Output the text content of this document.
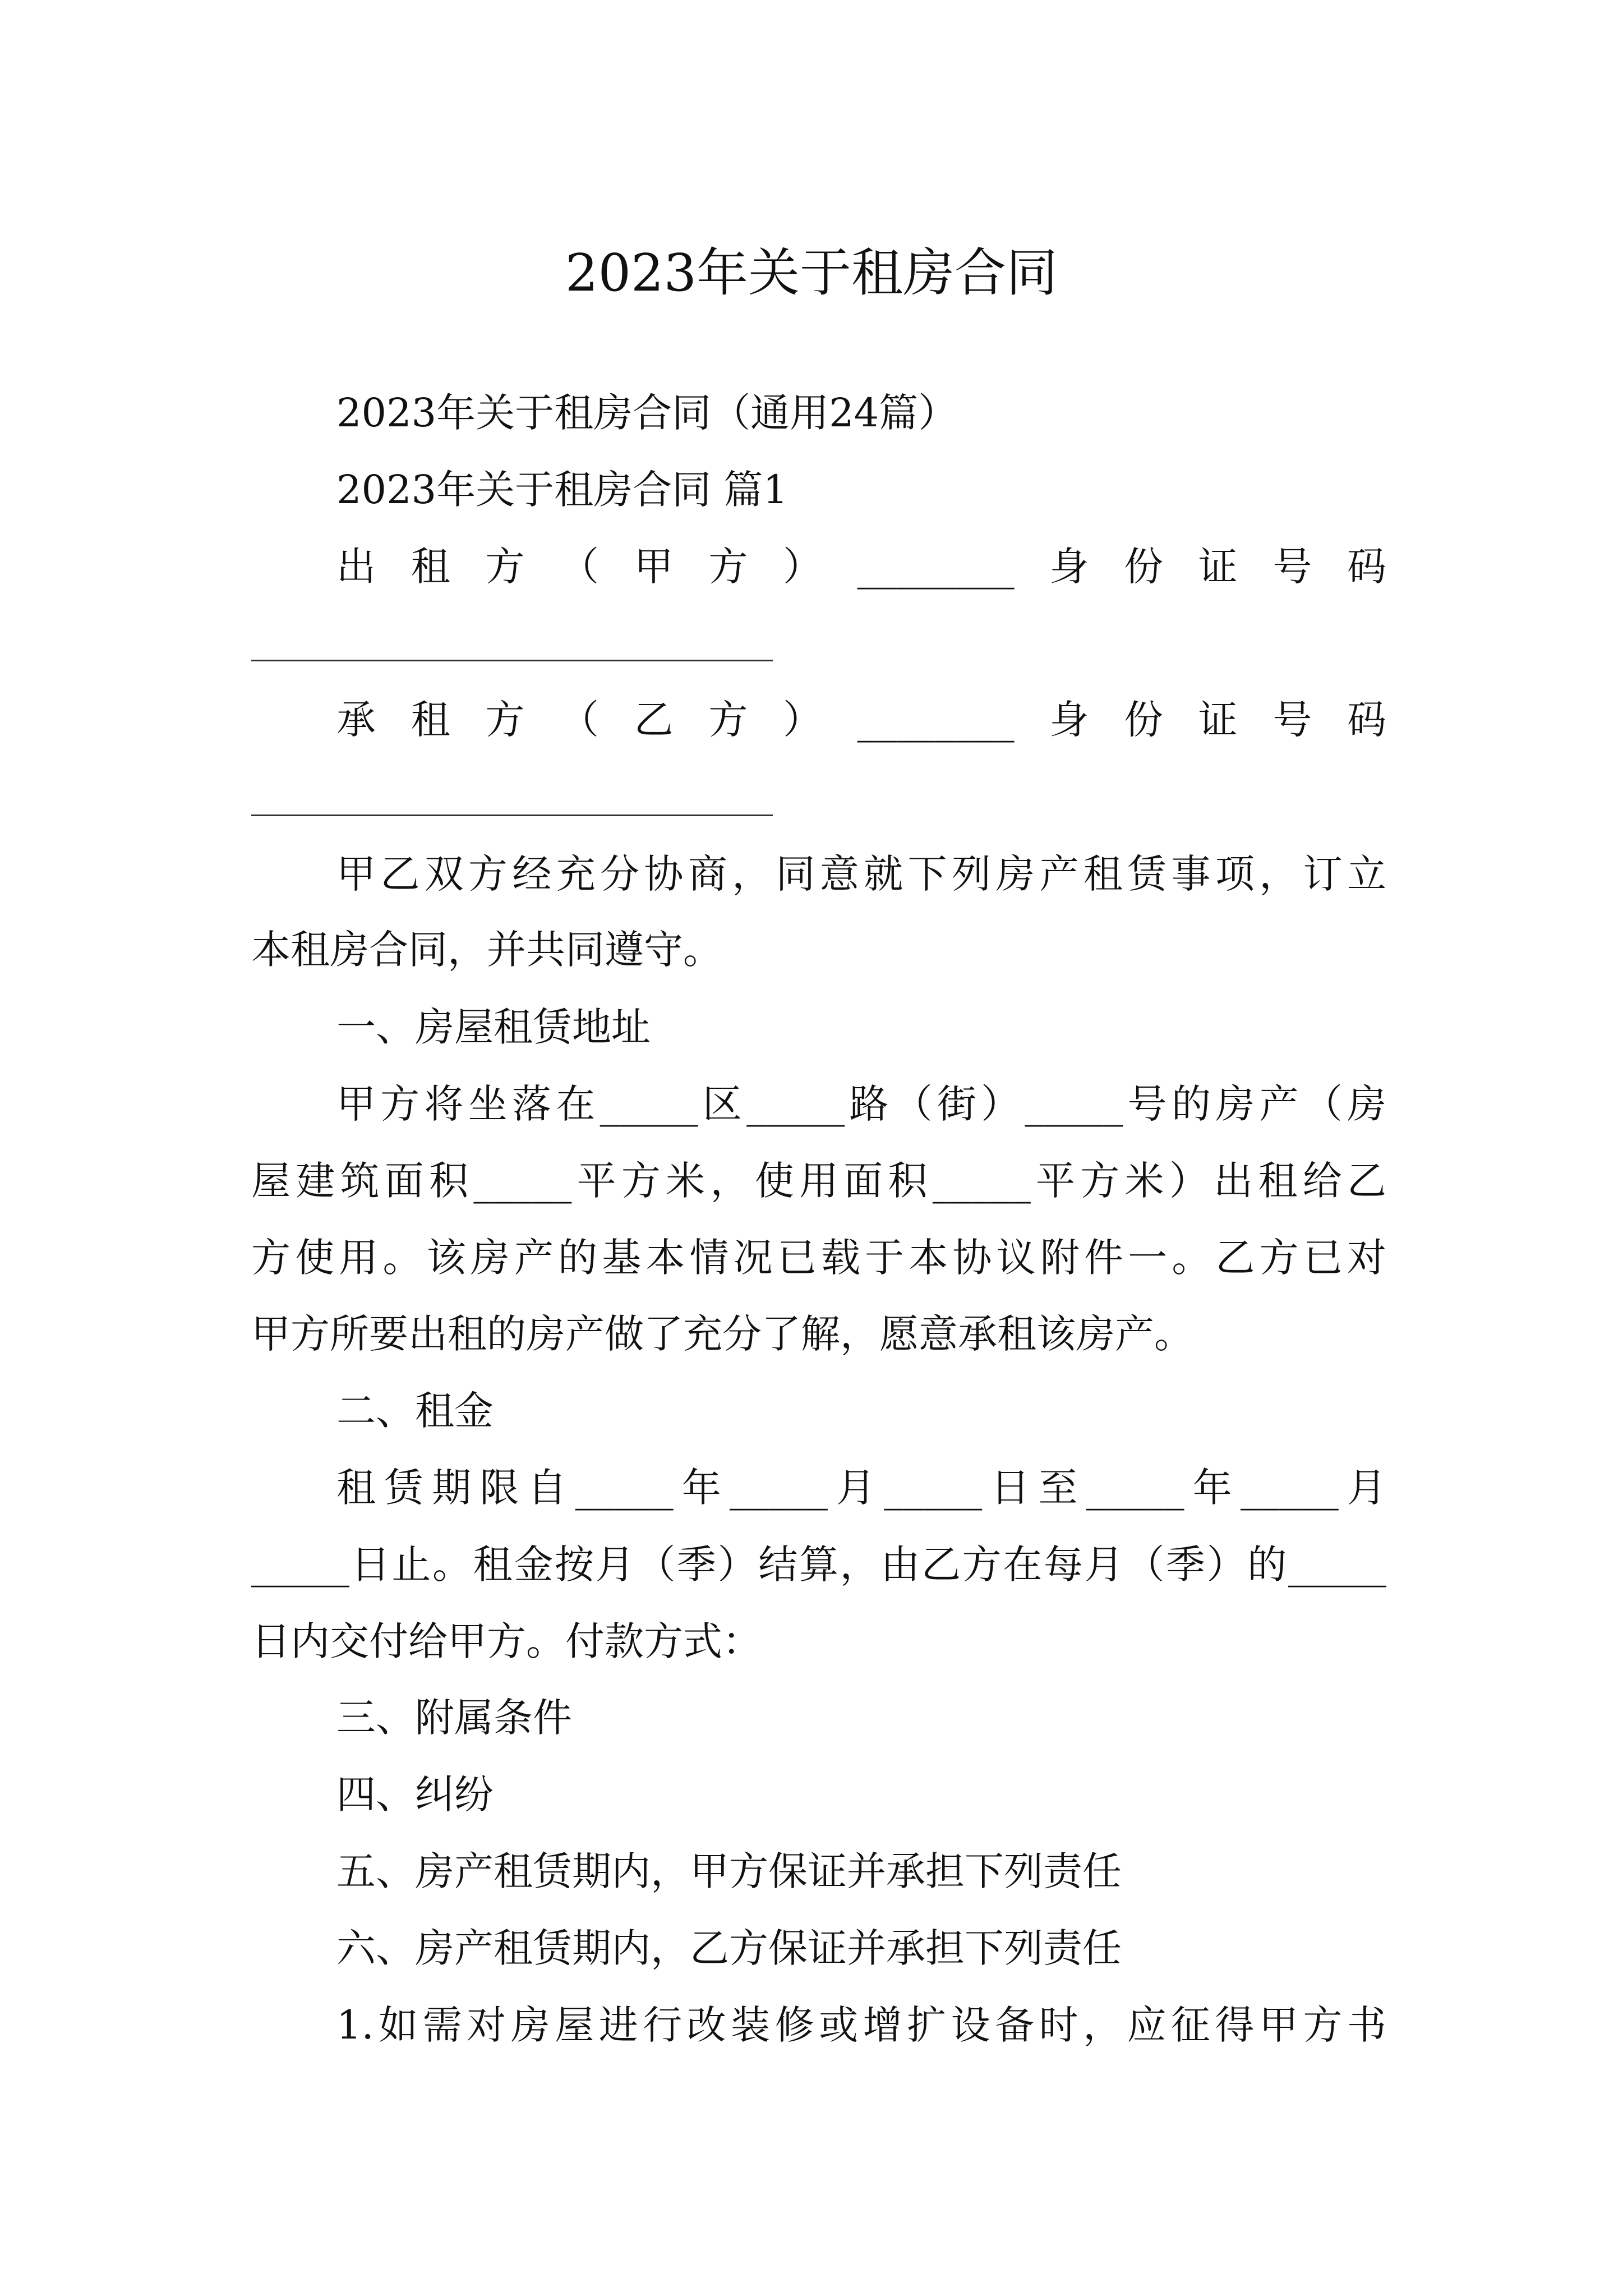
2023年关于租房合同
2023年关于租房合同（通用24篇）
2023年关于租房合同 篇1
出租方（甲方）________身份证号码
承租方（乙方）________身份证号码
甲乙双方经充分协商，同意就下列房产租赁事项，订立
本租房合同，并共同遵守。
一、房屋租赁地址
甲方将坐落在_____区_____路（街）_____号的房产（房
屋建筑面积_____平方米，使用面积_____平方米）出租给乙
方使用。该房产的基本情况已载于本协议附件一。乙方已对
甲方所要出租的房产做了充分了解，愿意承租该房产。
二、租金
租赁期限自_____年_____月_____日至_____年_____月
_____日止。租金按月（季）结算，由乙方在每月（季）的_____
日内交付给甲方。付款方式：
三、附属条件
四、纠纷
五、房产租赁期内，甲方保证并承担下列责任
六、房产租赁期内，乙方保证并承担下列责任
1.如需对房屋进行改装修或增扩设备时，应征得甲方书
